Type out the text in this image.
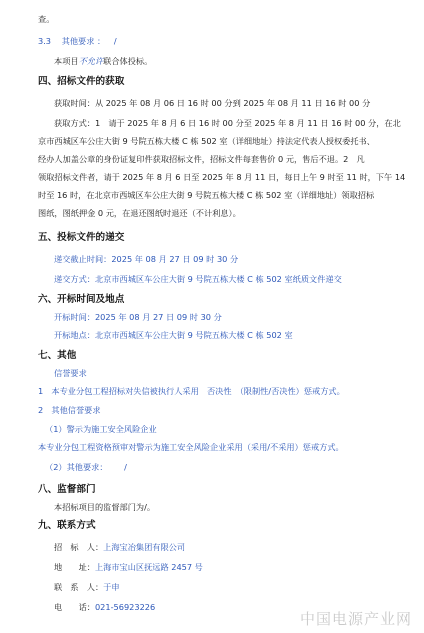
查。
3.3 其他要求 ： /
本项目不允许联合体投标。
四、招标文件的获取
获取时间：从 2025 年 08 月 06 日 16 时 00 分到 2025 年 08 月 11 日 16 时 00 分
获取方式：1　请于 2025 年 8 月 6 日 16 时 00 分至 2025 年 8 月 11 日 16 时 00 分，在北
京市西城区车公庄大街 9 号院五栋大楼 C 栋 502 室（详细地址）持法定代表人授权委托书、
经办人加盖公章的身份证复印件获取招标文件，招标文件每套售价 0 元，售后不退。2　凡
领取招标文件者，请于 2025 年 8 月 6 日至 2025 年 8 月 11 日，每日上午 9 时至 11 时，下午 14
时至 16 时，在北京市西城区车公庄大街 9 号院五栋大楼 C 栋 502 室（详细地址）领取招标
图纸，图纸押金 0 元，在退还图纸时退还（不计利息）。
五、投标文件的递交
递交截止时间：2025 年 08 月 27 日 09 时 30 分
递交方式：北京市西城区车公庄大街 9 号院五栋大楼 C 栋 502 室纸质文件递交
六、开标时间及地点
开标时间：2025 年 08 月 27 日 09 时 30 分
开标地点：北京市西城区车公庄大街 9 号院五栋大楼 C 栋 502 室
七、其他
信誉要求
1　本专业分包工程招标对失信被执行人采用　否决性　（限制性/否决性）惩戒方式。
2　其他信誉要求
（1）警示为施工安全风险企业
本专业分包工程资格预审对警示为施工安全风险企业采用（采用/不采用）惩戒方式。
（2）其他要求： /
八、监督部门
本招标项目的监督部门为/。
九、联系方式
招　标　人：上海宝冶集团有限公司
地　　址：上海市宝山区抚远路 2457 号
联　系　人：于申
电　　话：021-56923226
中国电源产业网
